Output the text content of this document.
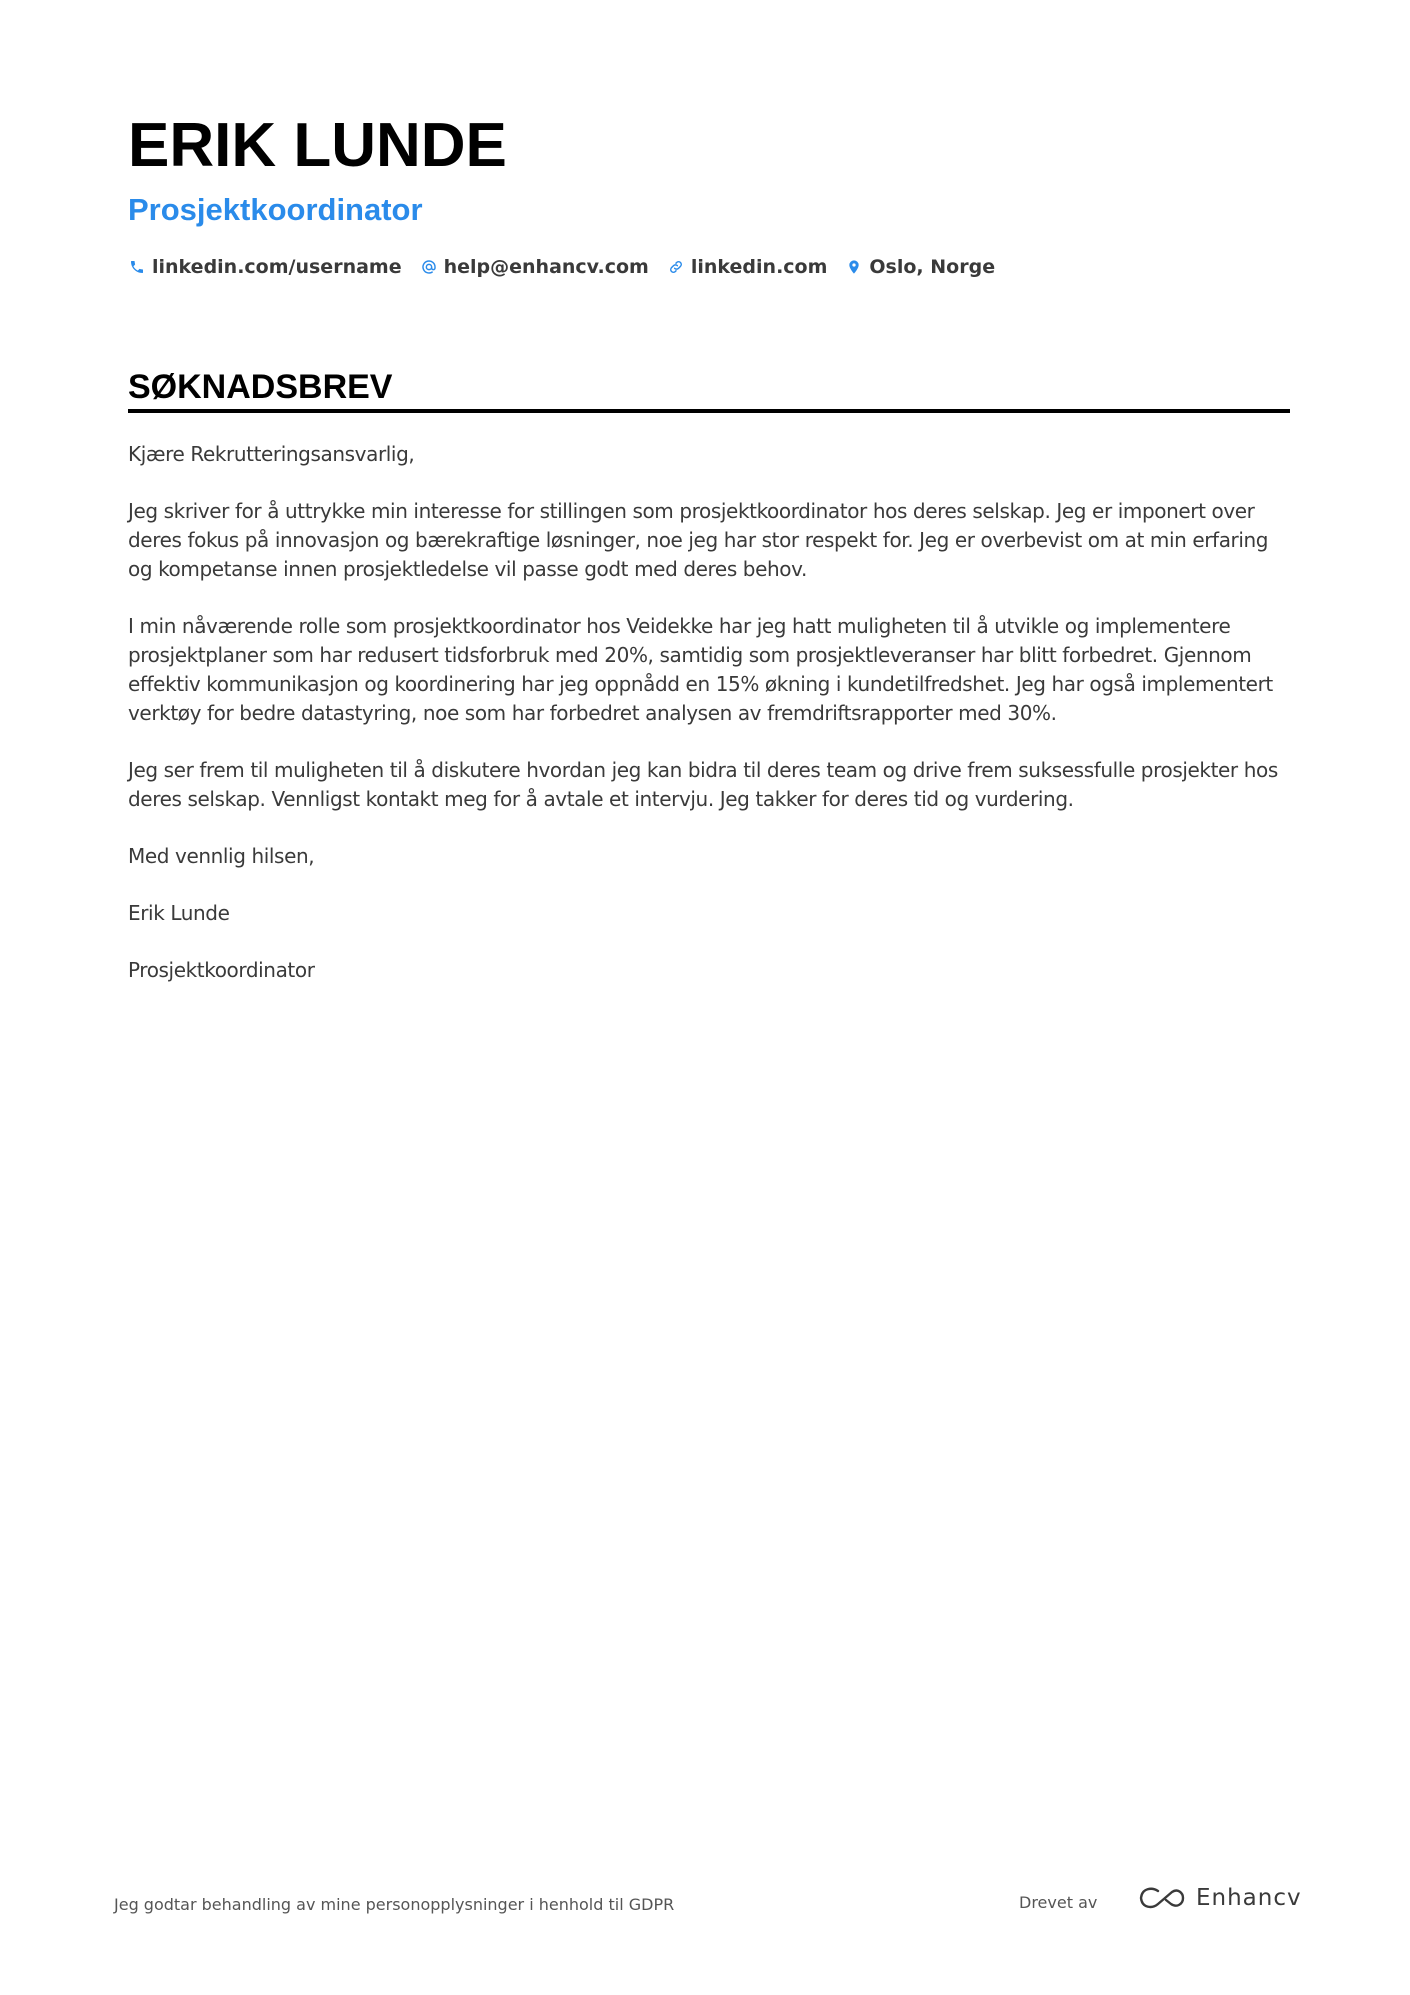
ERIK LUNDE
Prosjektkoordinator
linkedin.com/username help@enhancv.com linkedin.com Oslo, Norge
SØKNADSBREV

Kjære Rekrutteringsansvarlig,

Jeg skriver for å uttrykke min interesse for stillingen som prosjektkoordinator hos deres selskap. Jeg er imponert over deres fokus på innovasjon og bærekraftige løsninger, noe jeg har stor respekt for. Jeg er overbevist om at min erfaring og kompetanse innen prosjektledelse vil passe godt med deres behov.

I min nåværende rolle som prosjektkoordinator hos Veidekke har jeg hatt muligheten til å utvikle og implementere prosjektplaner som har redusert tidsforbruk med 20%, samtidig som prosjektleveranser har blitt forbedret. Gjennom effektiv kommunikasjon og koordinering har jeg oppnådd en 15% økning i kundetilfredshet. Jeg har også implementert verktøy for bedre datastyring, noe som har forbedret analysen av fremdriftsrapporter med 30%.

Jeg ser frem til muligheten til å diskutere hvordan jeg kan bidra til deres team og drive frem suksessfulle prosjekter hos deres selskap. Vennligst kontakt meg for å avtale et intervju. Jeg takker for deres tid og vurdering.

Med vennlig hilsen,

Erik Lunde

Prosjektkoordinator

Jeg godtar behandling av mine personopplysninger i henhold til GDPR	Drevet av	Enhancv
